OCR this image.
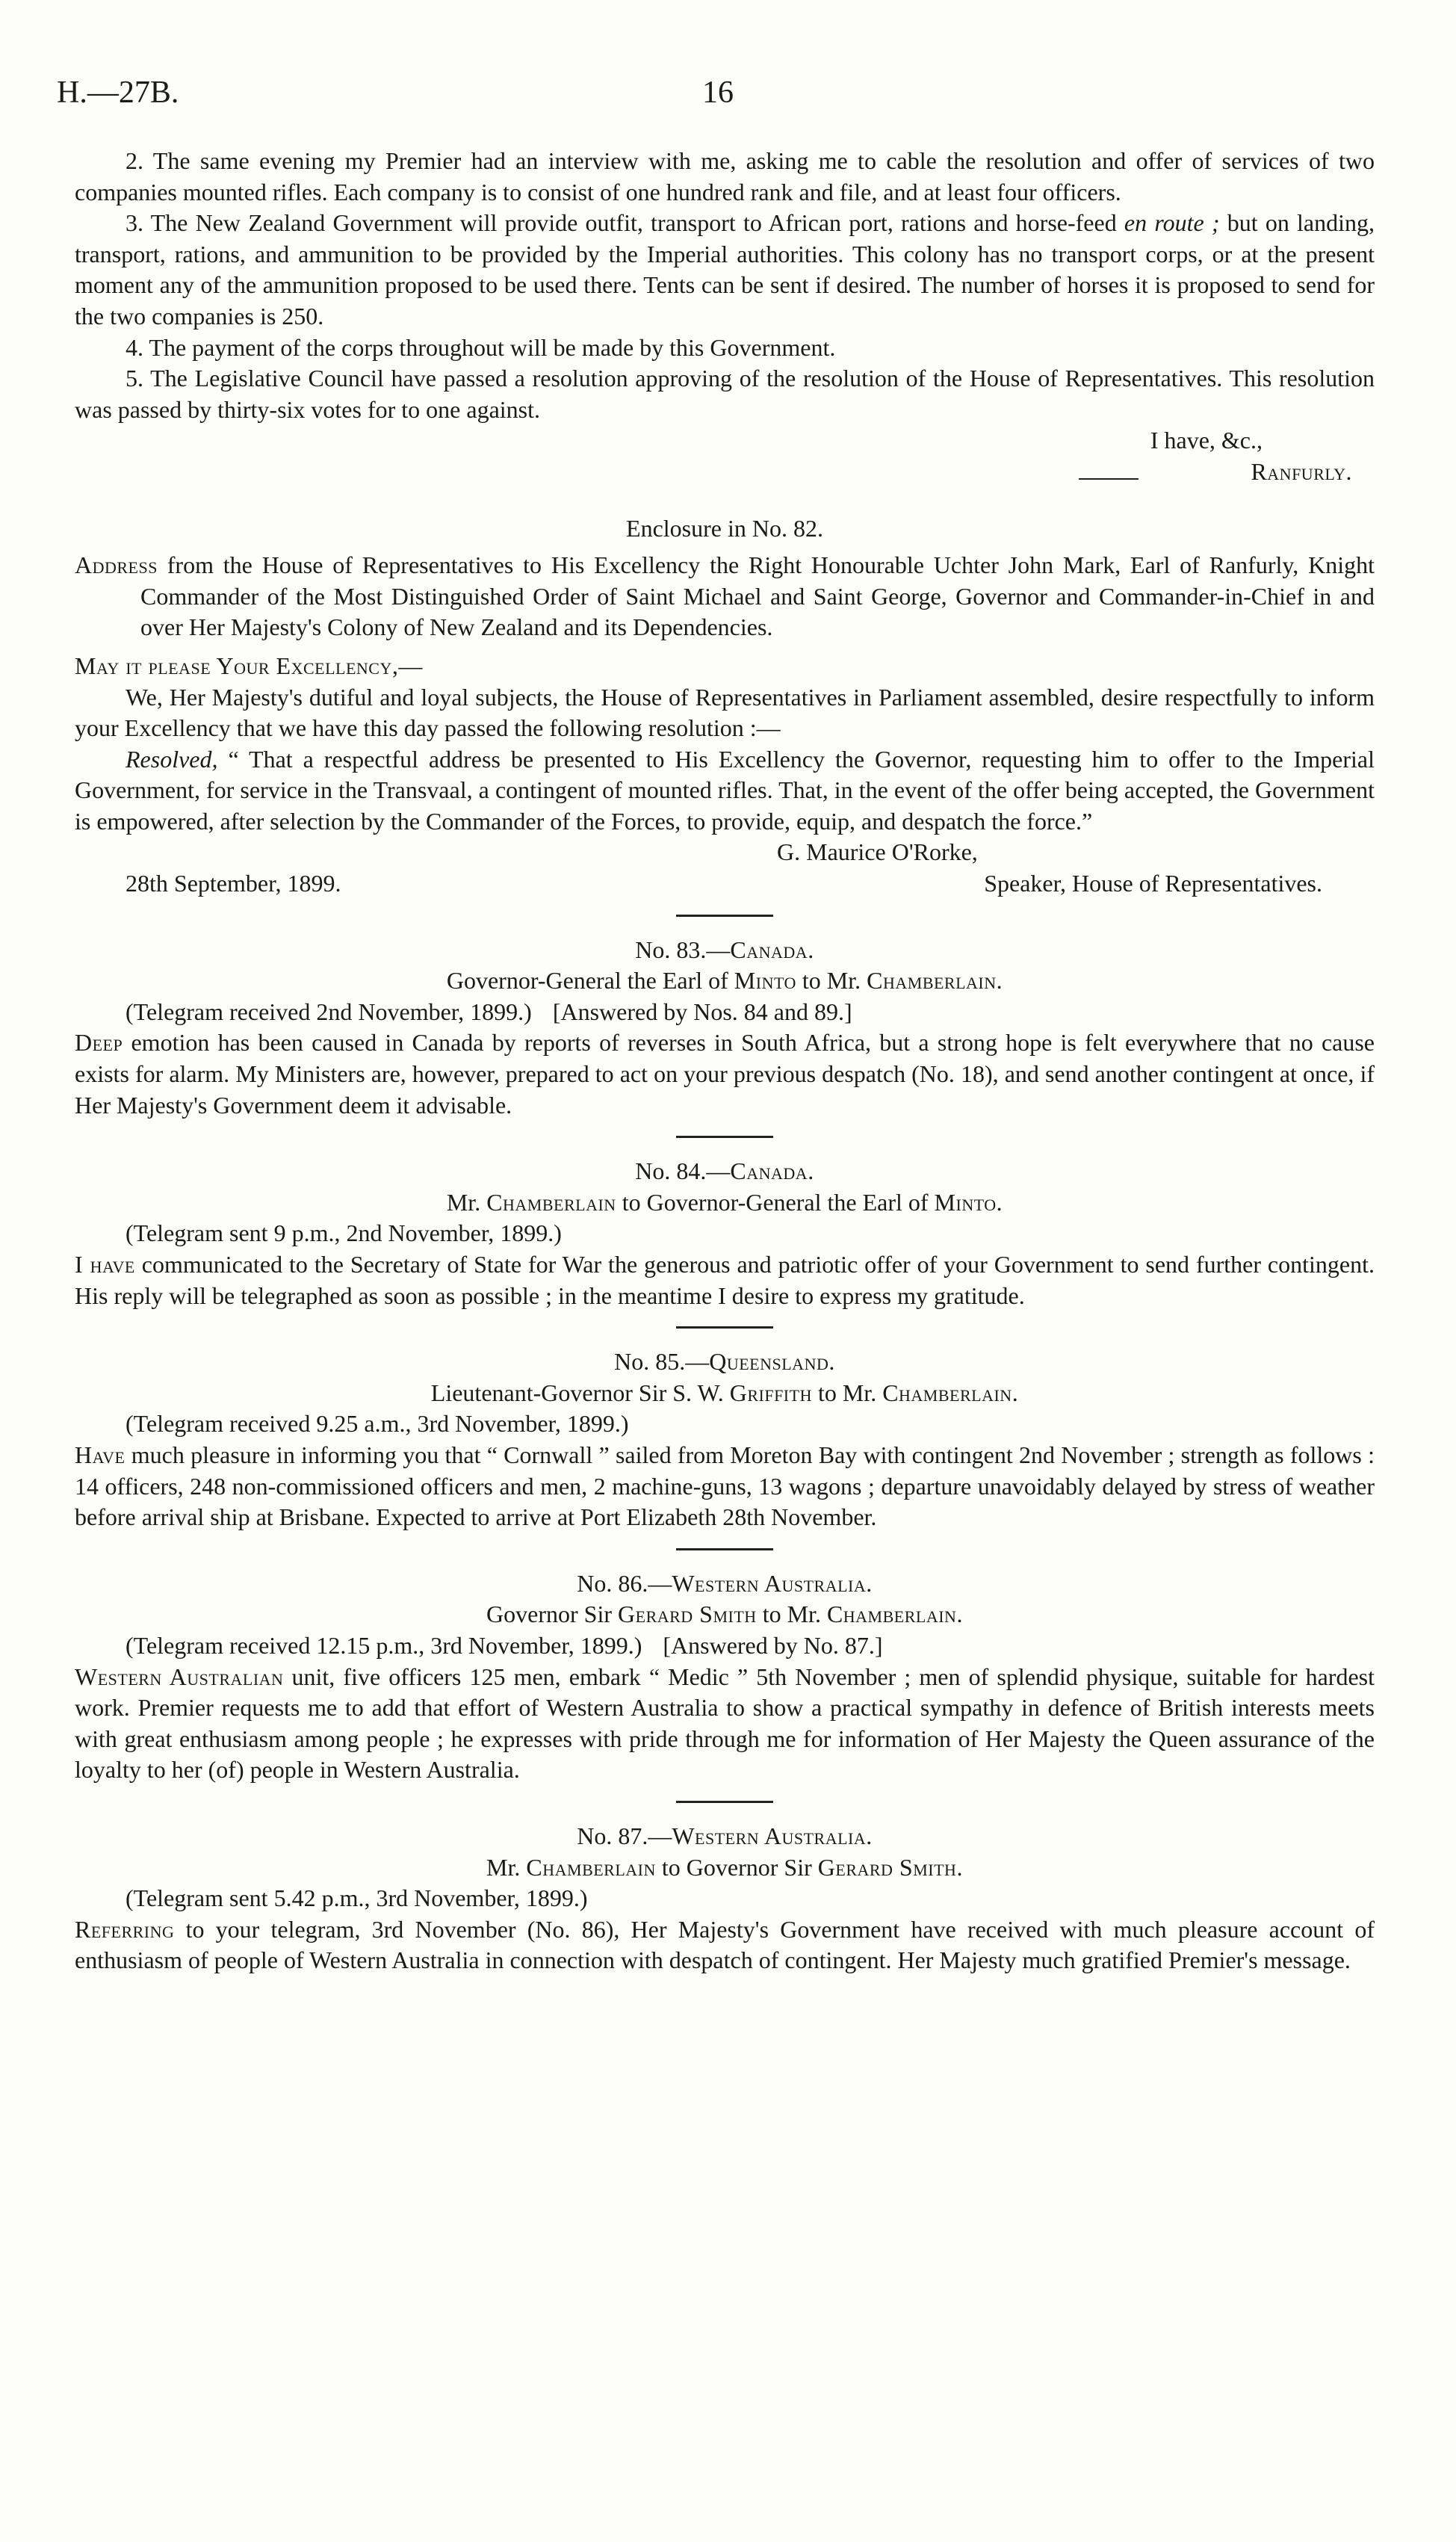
H.—27B.	16

2. The same evening my Premier had an interview with me, asking me to cable the resolution and offer of services of two companies mounted rifles. Each company is to consist of one hundred rank and file, and at least four officers.

3. The New Zealand Government will provide outfit, transport to African port, rations and horse-feed en route ; but on landing, transport, rations, and ammunition to be provided by the Imperial authorities. This colony has no transport corps, or at the present moment any of the ammunition proposed to be used there. Tents can be sent if desired. The number of horses it is proposed to send for the two companies is 250.

4. The payment of the corps throughout will be made by this Government.

5. The Legislative Council have passed a resolution approving of the resolution of the House of Representatives. This resolution was passed by thirty-six votes for to one against.

I have, &c.,

Ranfurly.

Enclosure in No. 82.

Address from the House of Representatives to His Excellency the Right Honourable Uchter John Mark, Earl of Ranfurly, Knight Commander of the Most Distinguished Order of Saint Michael and Saint George, Governor and Commander-in-Chief in and over Her Majesty's Colony of New Zealand and its Dependencies.

May it please Your Excellency,—

We, Her Majesty's dutiful and loyal subjects, the House of Representatives in Parliament assembled, desire respectfully to inform your Excellency that we have this day passed the following resolution :—

Resolved, “ That a respectful address be presented to His Excellency the Governor, requesting him to offer to the Imperial Government, for service in the Transvaal, a contingent of mounted rifles. That, in the event of the offer being accepted, the Government is empowered, after selection by the Commander of the Forces, to provide, equip, and despatch the force.”

G. Maurice O'Rorke,

28th September, 1899.	Speaker, House of Representatives.

No. 83.—Canada.

Governor-General the Earl of Minto to Mr. Chamberlain.

(Telegram received 2nd November, 1899.) [Answered by Nos. 84 and 89.]

Deep emotion has been caused in Canada by reports of reverses in South Africa, but a strong hope is felt everywhere that no cause exists for alarm. My Ministers are, however, prepared to act on your previous despatch (No. 18), and send another contingent at once, if Her Majesty's Government deem it advisable.

No. 84.—Canada.

Mr. Chamberlain to Governor-General the Earl of Minto.

(Telegram sent 9 p.m., 2nd November, 1899.)

I have communicated to the Secretary of State for War the generous and patriotic offer of your Government to send further contingent. His reply will be telegraphed as soon as possible ; in the meantime I desire to express my gratitude.

No. 85.—Queensland.

Lieutenant-Governor Sir S. W. Griffith to Mr. Chamberlain.

(Telegram received 9.25 a.m., 3rd November, 1899.)

Have much pleasure in informing you that “ Cornwall ” sailed from Moreton Bay with contingent 2nd November ; strength as follows : 14 officers, 248 non-commissioned officers and men, 2 machine-guns, 13 wagons ; departure unavoidably delayed by stress of weather before arrival ship at Brisbane. Expected to arrive at Port Elizabeth 28th November.

No. 86.—Western Australia.

Governor Sir Gerard Smith to Mr. Chamberlain.

(Telegram received 12.15 p.m., 3rd November, 1899.) [Answered by No. 87.]

Western Australian unit, five officers 125 men, embark “ Medic ” 5th November ; men of splendid physique, suitable for hardest work. Premier requests me to add that effort of Western Australia to show a practical sympathy in defence of British interests meets with great enthusiasm among people ; he expresses with pride through me for information of Her Majesty the Queen assurance of the loyalty to her (of) people in Western Australia.

No. 87.—Western Australia.

Mr. Chamberlain to Governor Sir Gerard Smith.

(Telegram sent 5.42 p.m., 3rd November, 1899.)

Referring to your telegram, 3rd November (No. 86), Her Majesty's Government have received with much pleasure account of enthusiasm of people of Western Australia in connection with despatch of contingent. Her Majesty much gratified Premier's message.
